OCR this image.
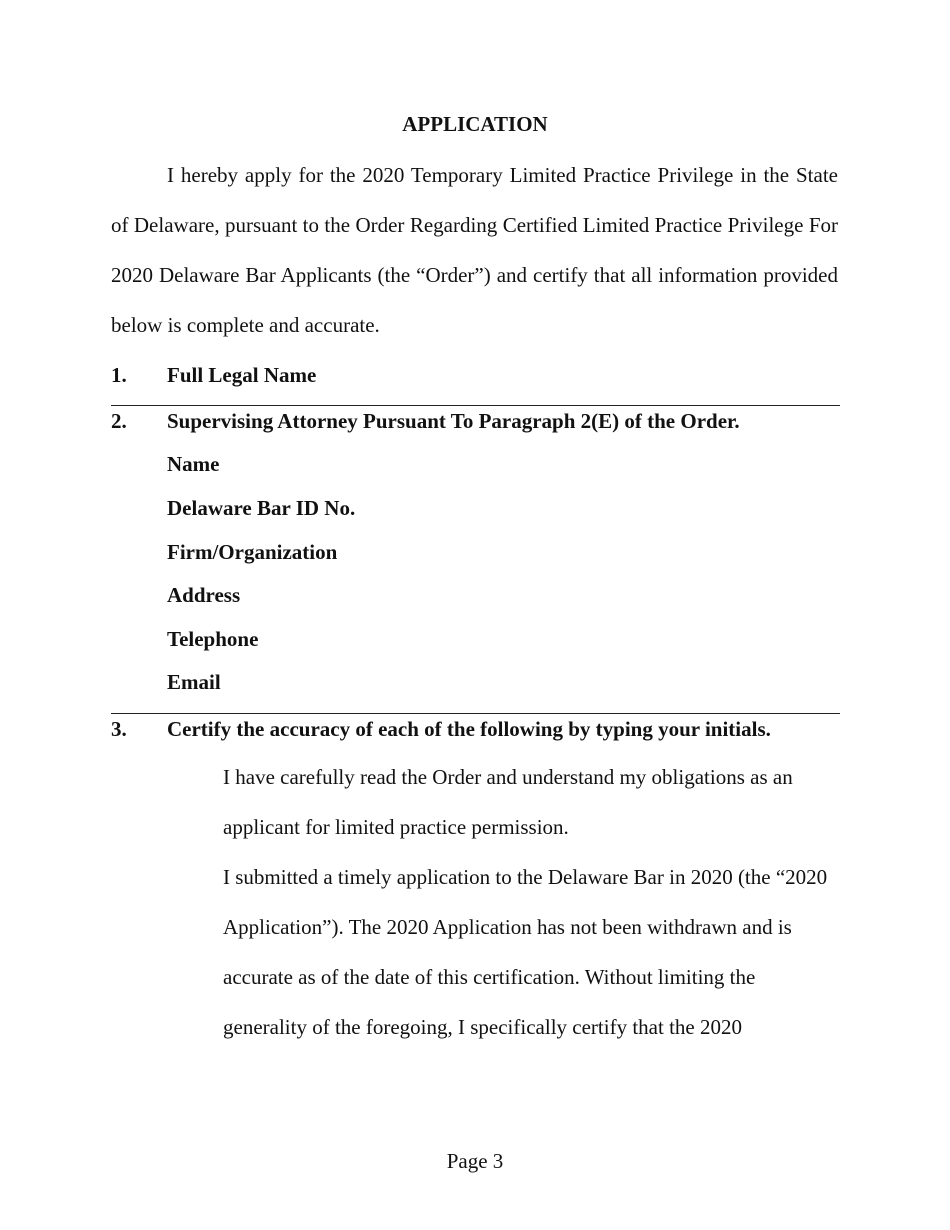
APPLICATION

I hereby apply for the 2020 Temporary Limited Practice Privilege in the State of Delaware, pursuant to the Order Regarding Certified Limited Practice Privilege For 2020 Delaware Bar Applicants (the “Order”) and certify that all information provided below is complete and accurate.

1. Full Legal Name
2. Supervising Attorney Pursuant To Paragraph 2(E) of the Order.
Name
Delaware Bar ID No.
Firm/Organization
Address
Telephone
Email
3. Certify the accuracy of each of the following by typing your initials.

I have carefully read the Order and understand my obligations as an applicant for limited practice permission.

I submitted a timely application to the Delaware Bar in 2020 (the “2020 Application”). The 2020 Application has not been withdrawn and is accurate as of the date of this certification. Without limiting the generality of the foregoing, I specifically certify that the 2020

Page 3
